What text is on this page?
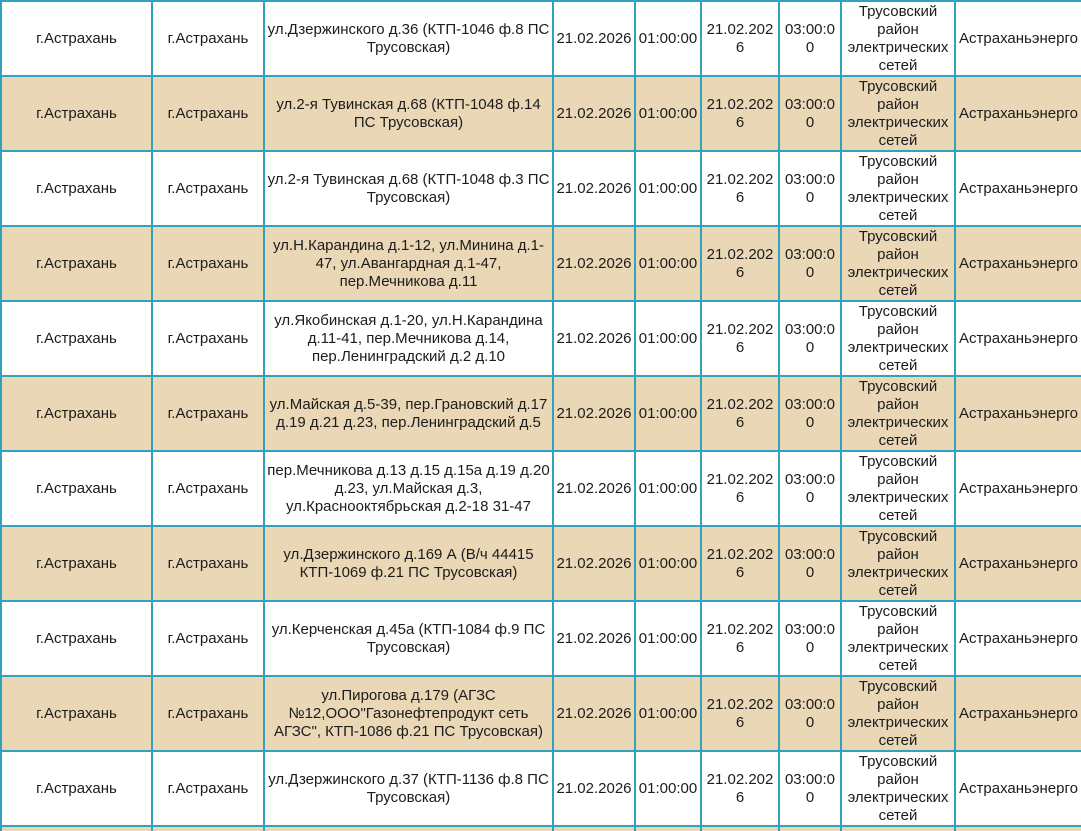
г.Астрахань	г.Астрахань	ул.Дзержинского д.36 (КТП-1046 ф.8 ПС Трусовская)	21.02.2026	01:00:00	21.02.2026	03:00:00	Трусовский район электрических сетей	Астраханьэнерго
г.Астрахань	г.Астрахань	ул.2-я Тувинская д.68 (КТП-1048 ф.14 ПС Трусовская)	21.02.2026	01:00:00	21.02.2026	03:00:00	Трусовский район электрических сетей	Астраханьэнерго
г.Астрахань	г.Астрахань	ул.2-я Тувинская д.68 (КТП-1048 ф.3 ПС Трусовская)	21.02.2026	01:00:00	21.02.2026	03:00:00	Трусовский район электрических сетей	Астраханьэнерго
г.Астрахань	г.Астрахань	ул.Н.Карандина д.1-12, ул.Минина д.1-47, ул.Авангардная д.1-47, пер.Мечникова д.11	21.02.2026	01:00:00	21.02.2026	03:00:00	Трусовский район электрических сетей	Астраханьэнерго
г.Астрахань	г.Астрахань	ул.Якобинская д.1-20, ул.Н.Карандина д.11-41, пер.Мечникова д.14, пер.Ленинградский д.2 д.10	21.02.2026	01:00:00	21.02.2026	03:00:00	Трусовский район электрических сетей	Астраханьэнерго
г.Астрахань	г.Астрахань	ул.Майская д.5-39, пер.Грановский д.17 д.19 д.21 д.23, пер.Ленинградский д.5	21.02.2026	01:00:00	21.02.2026	03:00:00	Трусовский район электрических сетей	Астраханьэнерго
г.Астрахань	г.Астрахань	пер.Мечникова д.13 д.15 д.15а д.19 д.20 д.23, ул.Майская д.3, ул.Краснооктябрьская д.2-18 31-47	21.02.2026	01:00:00	21.02.2026	03:00:00	Трусовский район электрических сетей	Астраханьэнерго
г.Астрахань	г.Астрахань	ул.Дзержинского д.169 А (В/ч 44415 КТП-1069 ф.21 ПС Трусовская)	21.02.2026	01:00:00	21.02.2026	03:00:00	Трусовский район электрических сетей	Астраханьэнерго
г.Астрахань	г.Астрахань	ул.Керченская д.45а (КТП-1084 ф.9 ПС Трусовская)	21.02.2026	01:00:00	21.02.2026	03:00:00	Трусовский район электрических сетей	Астраханьэнерго
г.Астрахань	г.Астрахань	ул.Пирогова д.179 (АГЗС №12,ООО"Газонефтепродукт сеть АГЗС", КТП-1086 ф.21 ПС Трусовская)	21.02.2026	01:00:00	21.02.2026	03:00:00	Трусовский район электрических сетей	Астраханьэнерго
г.Астрахань	г.Астрахань	ул.Дзержинского д.37 (КТП-1136 ф.8 ПС Трусовская)	21.02.2026	01:00:00	21.02.2026	03:00:00	Трусовский район электрических сетей	Астраханьэнерго
